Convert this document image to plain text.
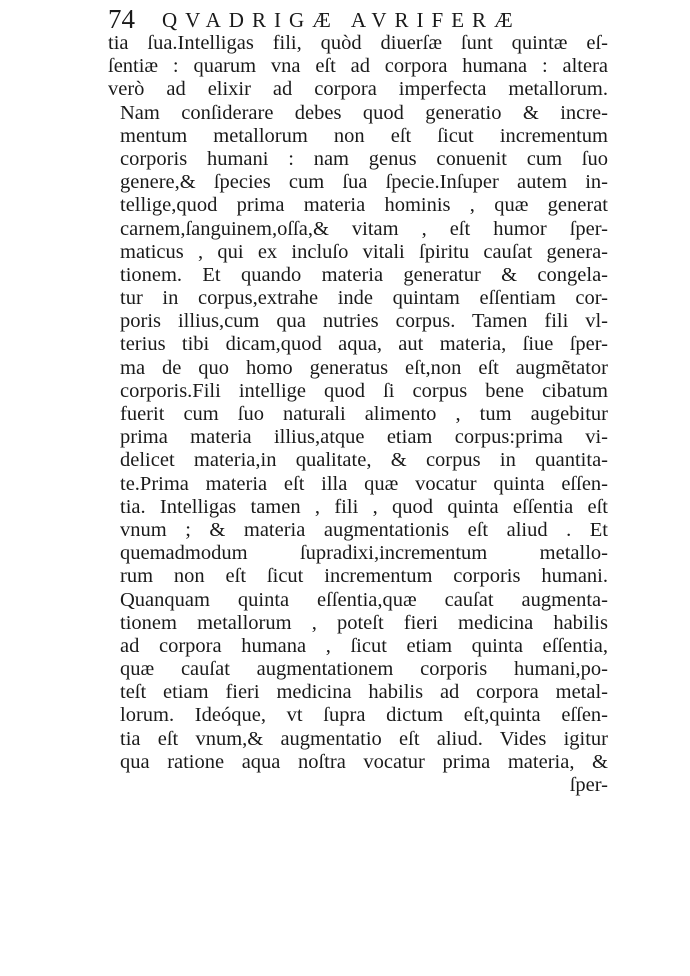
74 QVADRIGÆ AVRIFERÆ
tia ſua.Intelligas fili, quòd diuerſæ ſunt quintæ eſ-
ſentiæ : quarum vna eſt ad corpora humana : altera
verò ad elixir ad corpora imperfecta metallorum.
Nam conſiderare debes quod generatio & incre-
mentum metallorum non eſt ſicut incrementum
corporis humani : nam genus conuenit cum ſuo
genere,& ſpecies cum ſua ſpecie.Inſuper autem in-
tellige,quod prima materia hominis , quæ generat
carnem,ſanguinem,oſſa,& vitam , eſt humor ſper-
maticus , qui ex incluſo vitali ſpiritu cauſat genera-
tionem. Et quando materia generatur & congela-
tur in corpus,extrahe inde quintam eſſentiam cor-
poris illius,cum qua nutries corpus. Tamen fili vl-
terius tibi dicam,quod aqua, aut materia, ſiue ſper-
ma de quo homo generatus eſt,non eſt augmẽtator
corporis.Fili intellige quod ſi corpus bene cibatum
fuerit cum ſuo naturali alimento , tum augebitur
prima materia illius,atque etiam corpus:prima vi-
delicet materia,in qualitate, & corpus in quantita-
te.Prima materia eſt illa quæ vocatur quinta eſſen-
tia. Intelligas tamen , fili , quod quinta eſſentia eſt
vnum ; & materia augmentationis eſt aliud . Et
quemadmodum ſupradixi,incrementum metallo-
rum non eſt ſicut incrementum corporis humani.
Quanquam quinta eſſentia,quæ cauſat augmenta-
tionem metallorum , poteſt fieri medicina habilis
ad corpora humana , ſicut etiam quinta eſſentia,
quæ cauſat augmentationem corporis humani,po-
teſt etiam fieri medicina habilis ad corpora metal-
lorum. Ideóque, vt ſupra dictum eſt,quinta eſſen-
tia eſt vnum,& augmentatio eſt aliud. Vides igitur
qua ratione aqua noſtra vocatur prima materia, &
ſper-
